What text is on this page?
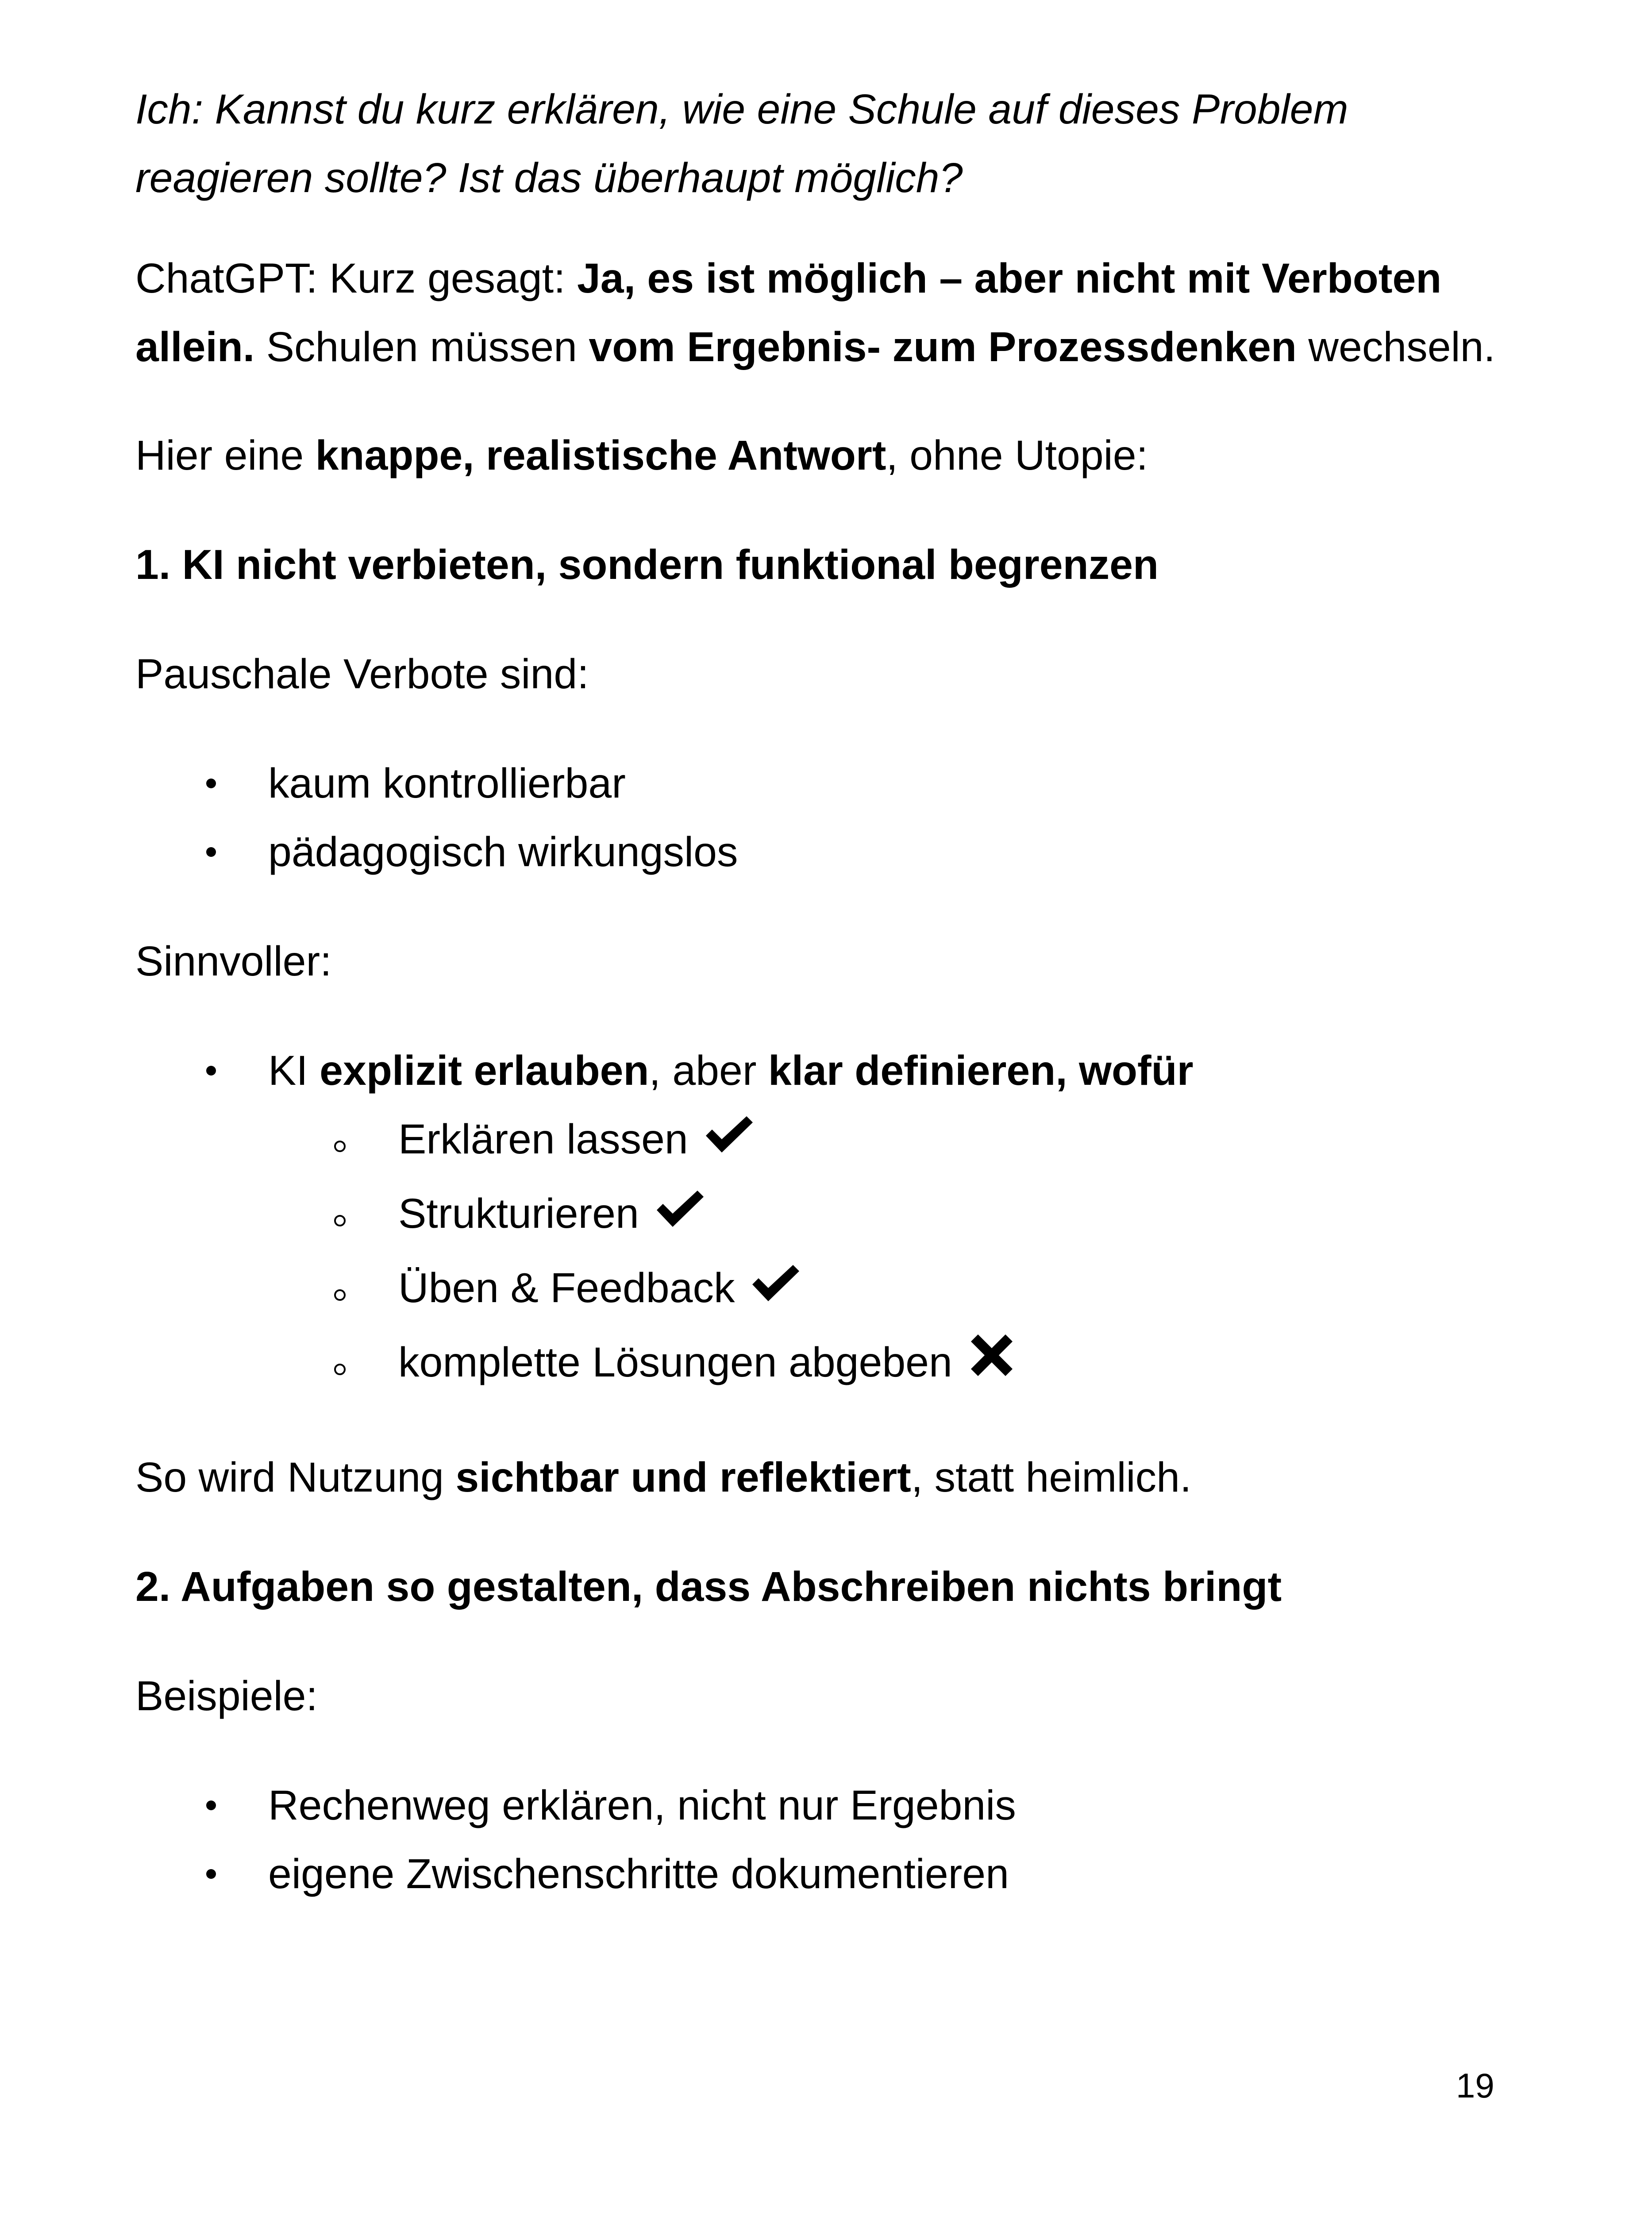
Ich: Kannst du kurz erklären, wie eine Schule auf dieses Problem reagieren sollte? Ist das überhaupt möglich?

ChatGPT: Kurz gesagt: Ja, es ist möglich – aber nicht mit Verboten allein. Schulen müssen vom Ergebnis- zum Prozessdenken wechseln.

Hier eine knappe, realistische Antwort, ohne Utopie:

1. KI nicht verbieten, sondern funktional begrenzen

Pauschale Verbote sind:

kaum kontrollierbar
pädagogisch wirkungslos

Sinnvoller:

KI explizit erlauben, aber klar definieren, wofür
Erklären lassen
Strukturieren
Üben & Feedback
komplette Lösungen abgeben

So wird Nutzung sichtbar und reflektiert, statt heimlich.

2. Aufgaben so gestalten, dass Abschreiben nichts bringt

Beispiele:

Rechenweg erklären, nicht nur Ergebnis
eigene Zwischenschritte dokumentieren
19
